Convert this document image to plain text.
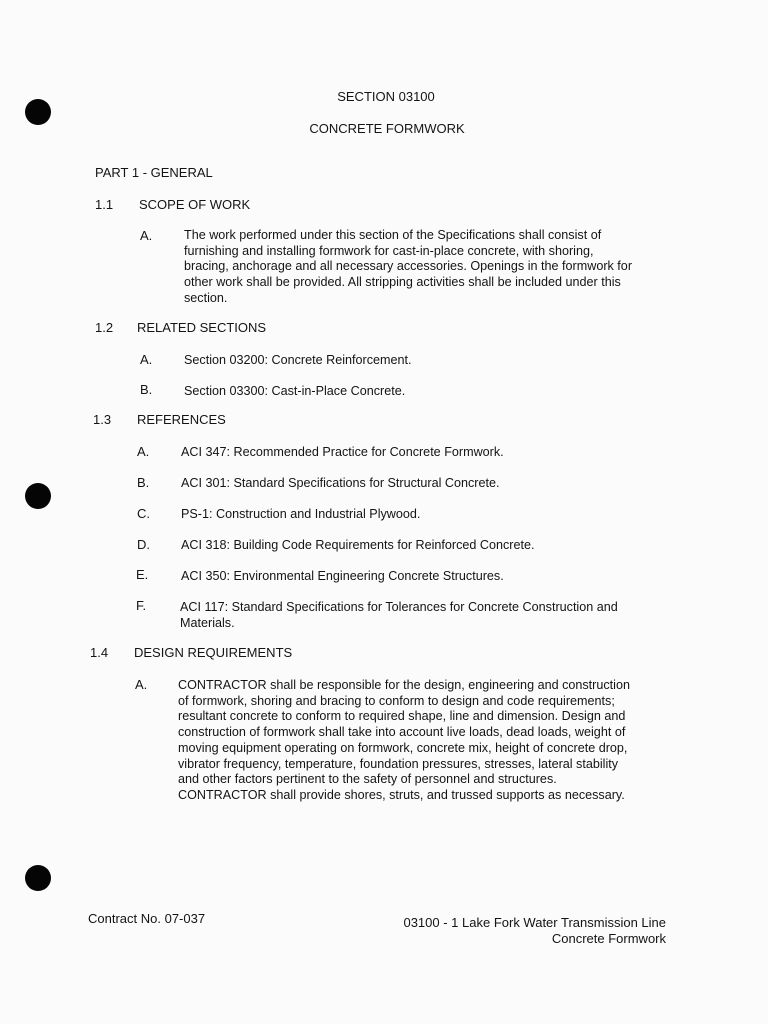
SECTION 03100
CONCRETE FORMWORK
PART 1 - GENERAL
1.1 SCOPE OF WORK
A.	The work performed under this section of the Specifications shall consist of
furnishing and installing formwork for cast-in-place concrete, with shoring,
bracing, anchorage and all necessary accessories. Openings in the formwork for
other work shall be provided. All stripping activities shall be included under this
section.
1.2 RELATED SECTIONS
A.	Section 03200: Concrete Reinforcement.
B.	Section 03300: Cast-in-Place Concrete.
1.3 REFERENCES
A.	ACI 347: Recommended Practice for Concrete Formwork.
B.	ACI 301: Standard Specifications for Structural Concrete.
C. PS-1: Construction and Industrial Plywood.
D. ACI 318: Building Code Requirements for Reinforced Concrete.
E.	ACI 350: Environmental Engineering Concrete Structures.
F.	ACI 117: Standard Specifications for Tolerances for Concrete Construction and
Materials.
1.4 DESIGN REQUIREMENTS
A. CONTRACTOR shall be responsible for the design, engineering and construction
of formwork, shoring and bracing to conform to design and code requirements;
resultant concrete to conform to required shape, line and dimension. Design and
construction of formwork shall take into account live loads, dead loads, weight of
moving equipment operating on formwork, concrete mix, height of concrete drop,
vibrator frequency, temperature, foundation pressures, stresses, lateral stability
and other factors pertinent to the safety of personnel and structures.
CONTRACTOR shall provide shores, struts, and trussed supports as necessary.
Contract No. 07-037	03100 - 1 Lake Fork Water Transmission Line
Concrete Formwork
